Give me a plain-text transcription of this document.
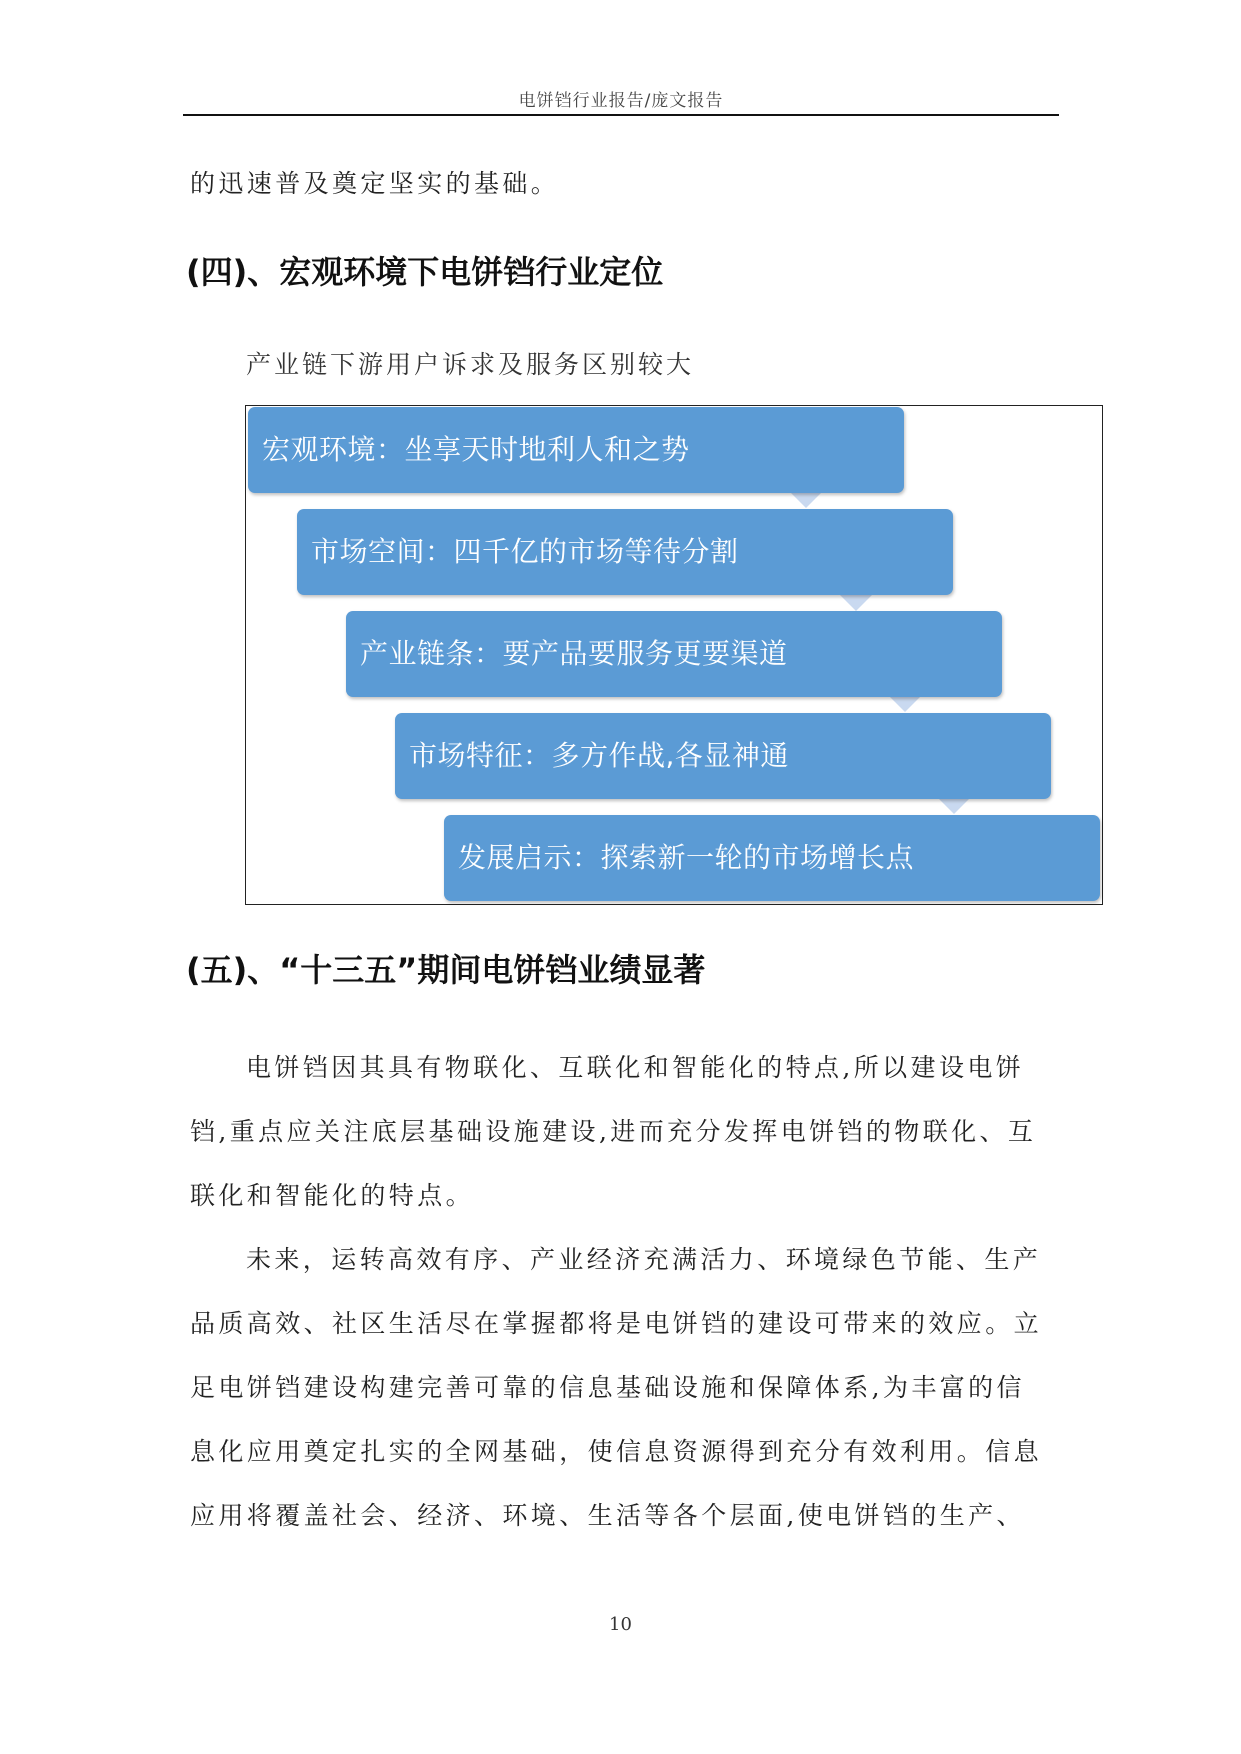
电饼铛行业报告/庞文报告
的迅速普及奠定坚实的基础。
(四)、宏观环境下电饼铛行业定位
产业链下游用户诉求及服务区别较大
宏观环境：坐享天时地利人和之势
市场空间：四千亿的市场等待分割
产业链条：要产品要服务更要渠道
市场特征：多方作战,各显神通
发展启示：探索新一轮的市场增长点
(五)、“十三五”期间电饼铛业绩显著
电饼铛因其具有物联化、互联化和智能化的特点,所以建设电饼
铛,重点应关注底层基础设施建设,进而充分发挥电饼铛的物联化、互
联化和智能化的特点。
未来，运转高效有序、产业经济充满活力、环境绿色节能、生产
品质高效、社区生活尽在掌握都将是电饼铛的建设可带来的效应。立
足电饼铛建设构建完善可靠的信息基础设施和保障体系,为丰富的信
息化应用奠定扎实的全网基础，使信息资源得到充分有效利用。信息
应用将覆盖社会、经济、环境、生活等各个层面,使电饼铛的生产、
10
